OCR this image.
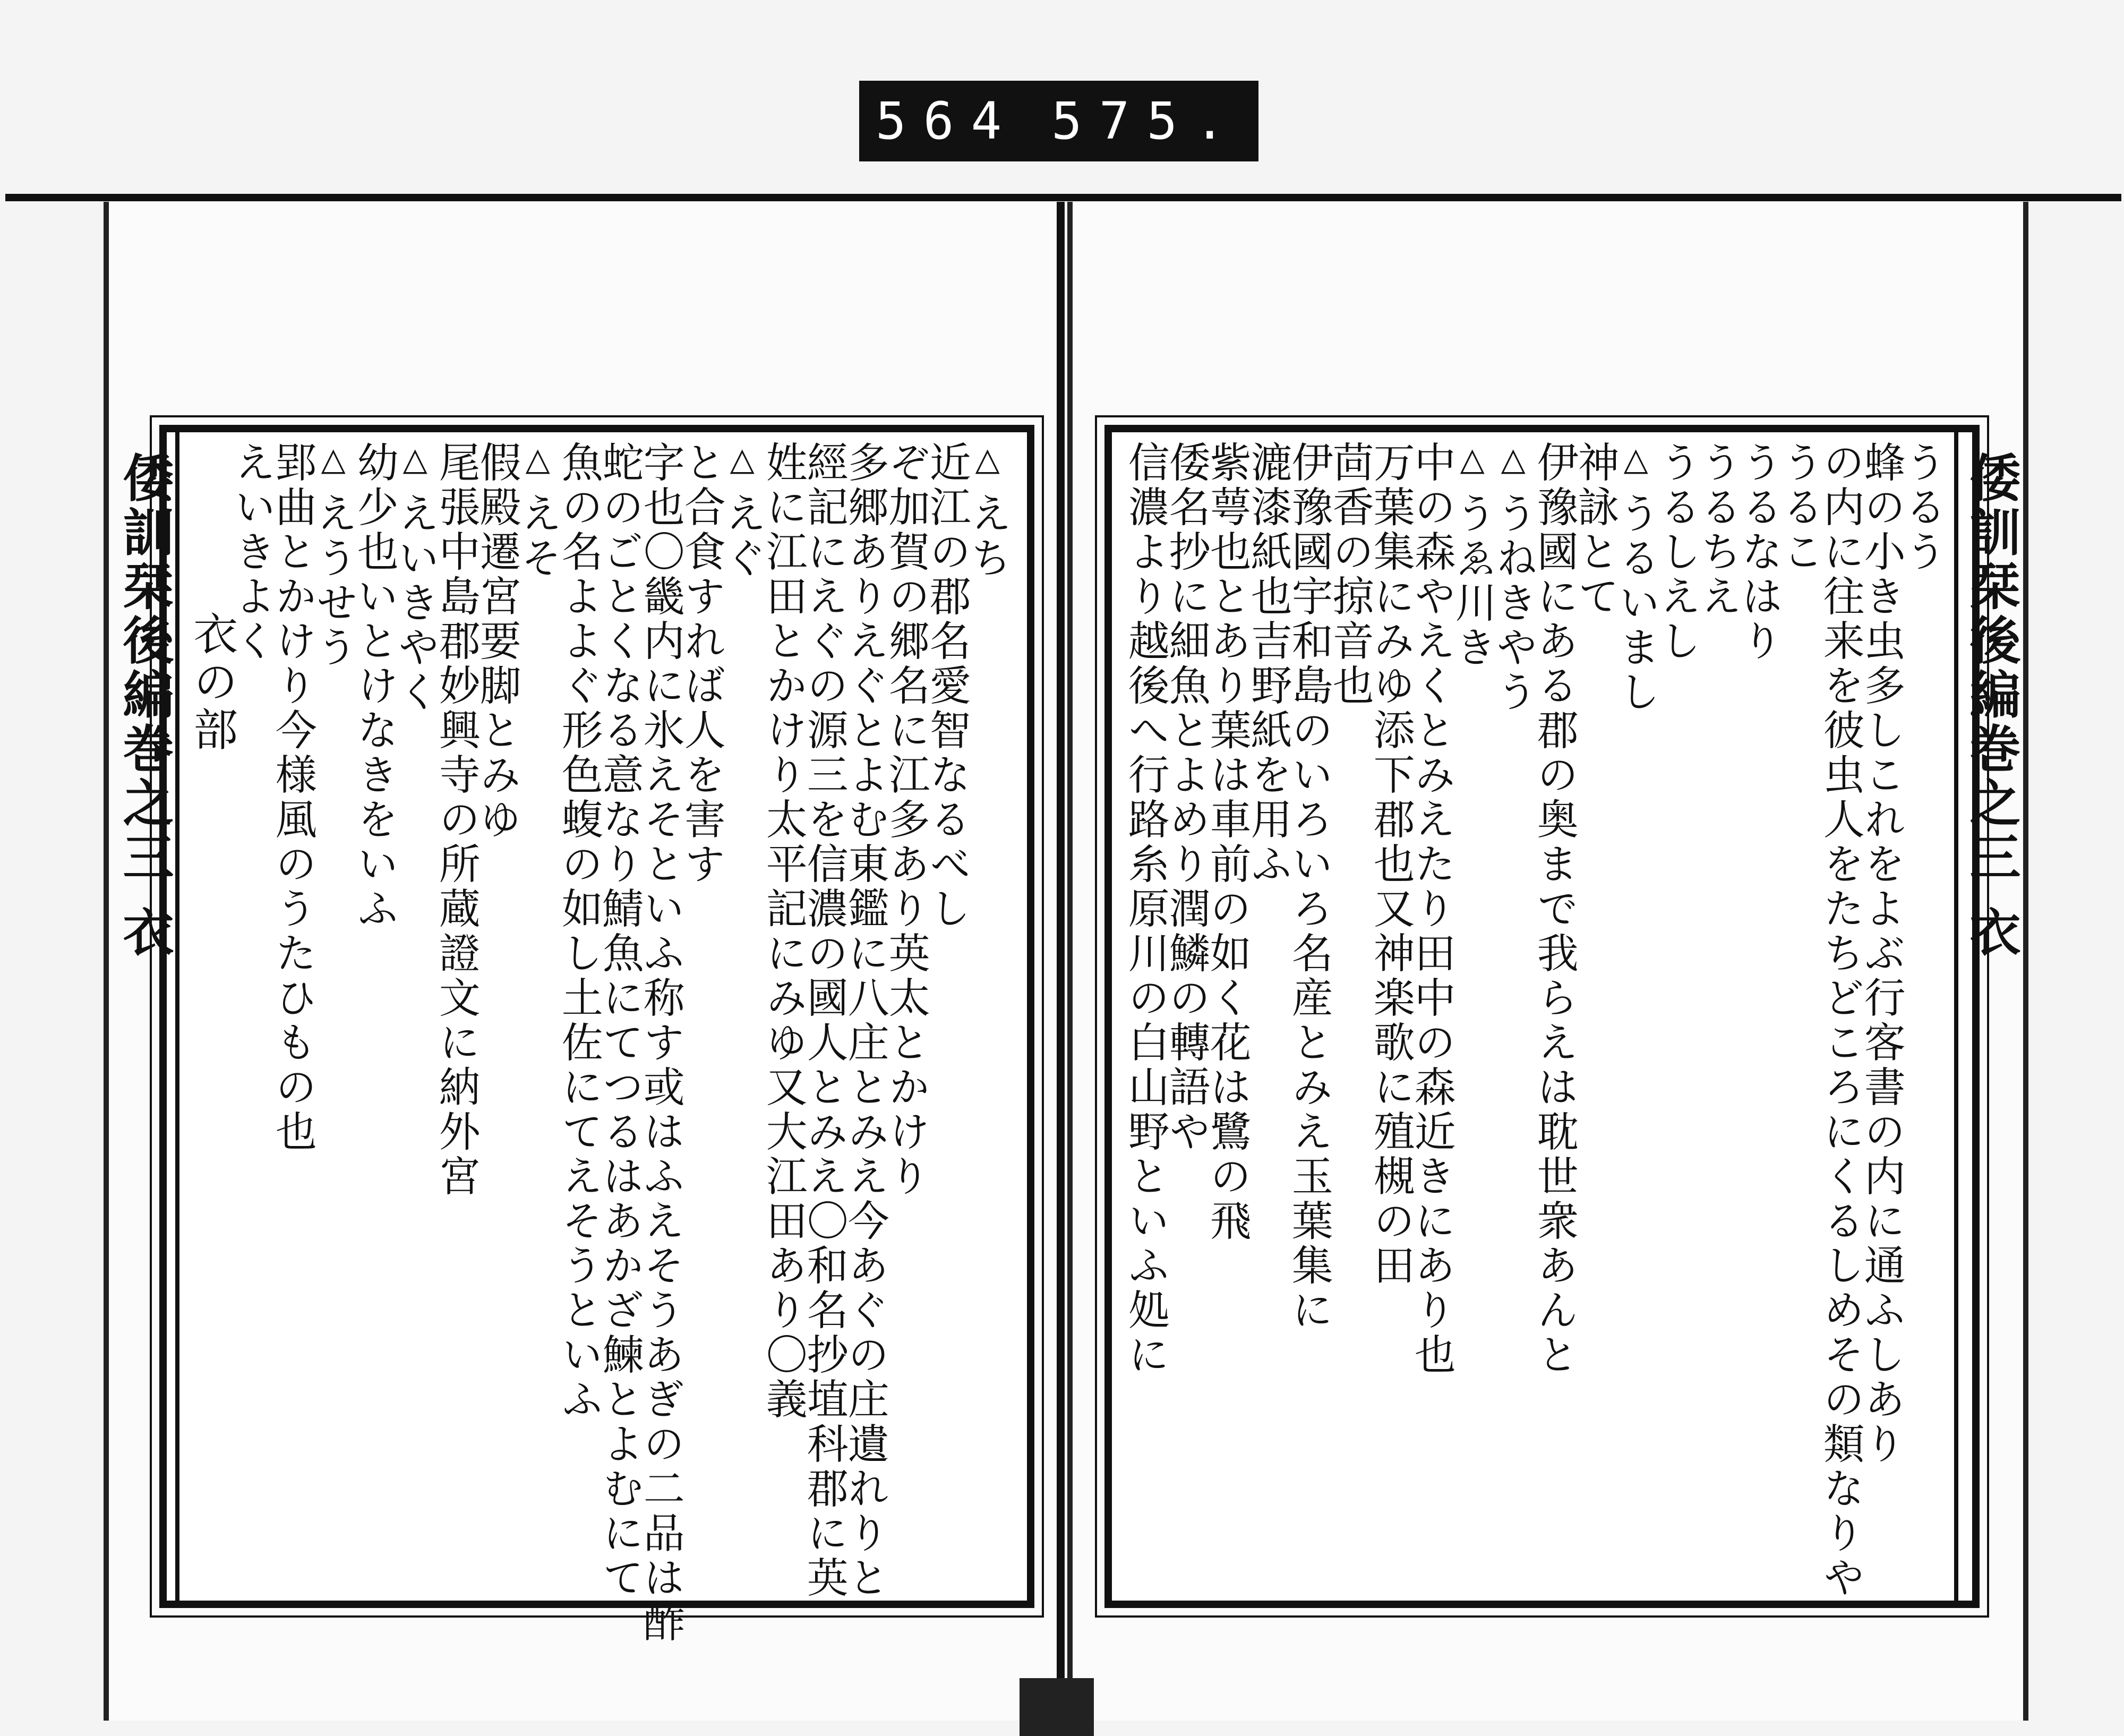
564 575.
倭訓栞後編巻之三 衣	△えち
近江の郡名愛智なるべし
ぞ加賀の郷名に江多あり英太とかけり
多郷ありえぐとよむ東鑑に八庄とみえ今あぐの庄遺れりと
經記にえぐの源三を信濃の國人とみえ〇和名抄埴科郡に英
姓に江田とかけり太平記にみゆ又大江田あり〇義
△えぐ
と合食すれば人を害す
字也〇畿内に氷えそといふ称す或はふえそうあぎの二品は酢
蛇のごとくなる意なり鯖魚にてつるはあかざ鰊とよむにて
魚の名よよぐ形色蝮の如し土佐にてえそうといふ
△えそ
假殿遷宮要脚とみゆ
尾張中島郡妙興寺の所蔵證文に納外宮
△えいきやく
幼少也いとけなきをいふ
△えうせう
郢曲とかけり今様風のうたひもの也
えいきよく
衣の部	倭訓栞後編巻之三 衣
うるう
蜂の小き虫多しこれをよぶ行客書の内に通ふしあり
の内に往来を彼虫人をたちどころにくるしめその類なりや
うるこ
うるなはり
うるちえ
うるしえし
△うるいまし
神詠とて
伊豫國にある郡の奥まで我らえは耽世衆あんと
△うねきやう
△うゑ川き
中の森やえくとみえたり田中の森近きにあり也
万葉集にみゆ添下郡也又神楽歌に殖槻の田
茴香の掠音也
伊豫國宇和島のいろいろ名産とみえ玉葉集に
漉漆紙也吉野紙を用ふ
紫萼也とあり葉は車前の如く花は鷺の飛
倭名抄に細魚とよめり潤鱗の轉語や
信濃より越後へ行路糸原川の白山野といふ処に
